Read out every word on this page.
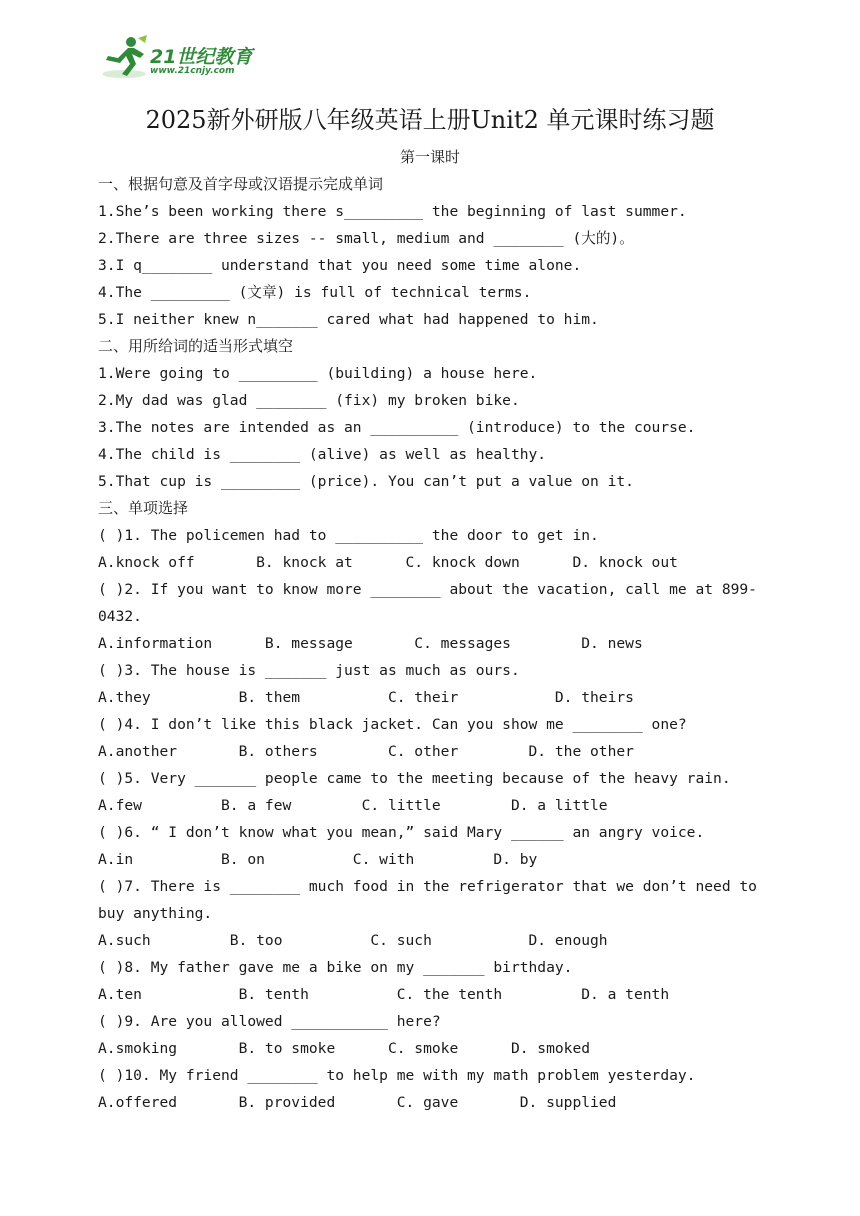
21世纪教育
www.21cnjy.com
2025新外研版八年级英语上册Unit2 单元课时练习题
第一课时
一、根据句意及首字母或汉语提示完成单词
1.She’s been working there s_________ the beginning of last summer.
2.There are three sizes -- small, medium and ________ (大的)。
3.I q________ understand that you need some time alone.
4.The _________ (文章) is full of technical terms.
5.I neither knew n_______ cared what had happened to him.
二、用所给词的适当形式填空
1.Were going to _________ (building) a house here.
2.My dad was glad ________ (fix) my broken bike.
3.The notes are intended as an __________ (introduce) to the course.
4.The child is ________ (alive) as well as healthy.
5.That cup is _________ (price). You can’t put a value on it.
三、单项选择
( )1. The policemen had to __________ the door to get in.
A.knock off       B. knock at      C. knock down      D. knock out
( )2. If you want to know more ________ about the vacation, call me at 899-
0432.
A.information      B. message       C. messages        D. news
( )3. The house is _______ just as much as ours.
A.they          B. them          C. their           D. theirs
( )4. I don’t like this black jacket. Can you show me ________ one?
A.another       B. others        C. other        D. the other
( )5. Very _______ people came to the meeting because of the heavy rain.
A.few         B. a few        C. little        D. a little
( )6. “ I don’t know what you mean,” said Mary ______ an angry voice.
A.in          B. on          C. with         D. by
( )7. There is ________ much food in the refrigerator that we don’t need to
buy anything.
A.such         B. too          C. such           D. enough
( )8. My father gave me a bike on my _______ birthday.
A.ten           B. tenth          C. the tenth         D. a tenth
( )9. Are you allowed ___________ here?
A.smoking       B. to smoke      C. smoke      D. smoked
( )10. My friend ________ to help me with my math problem yesterday.
A.offered       B. provided       C. gave       D. supplied
